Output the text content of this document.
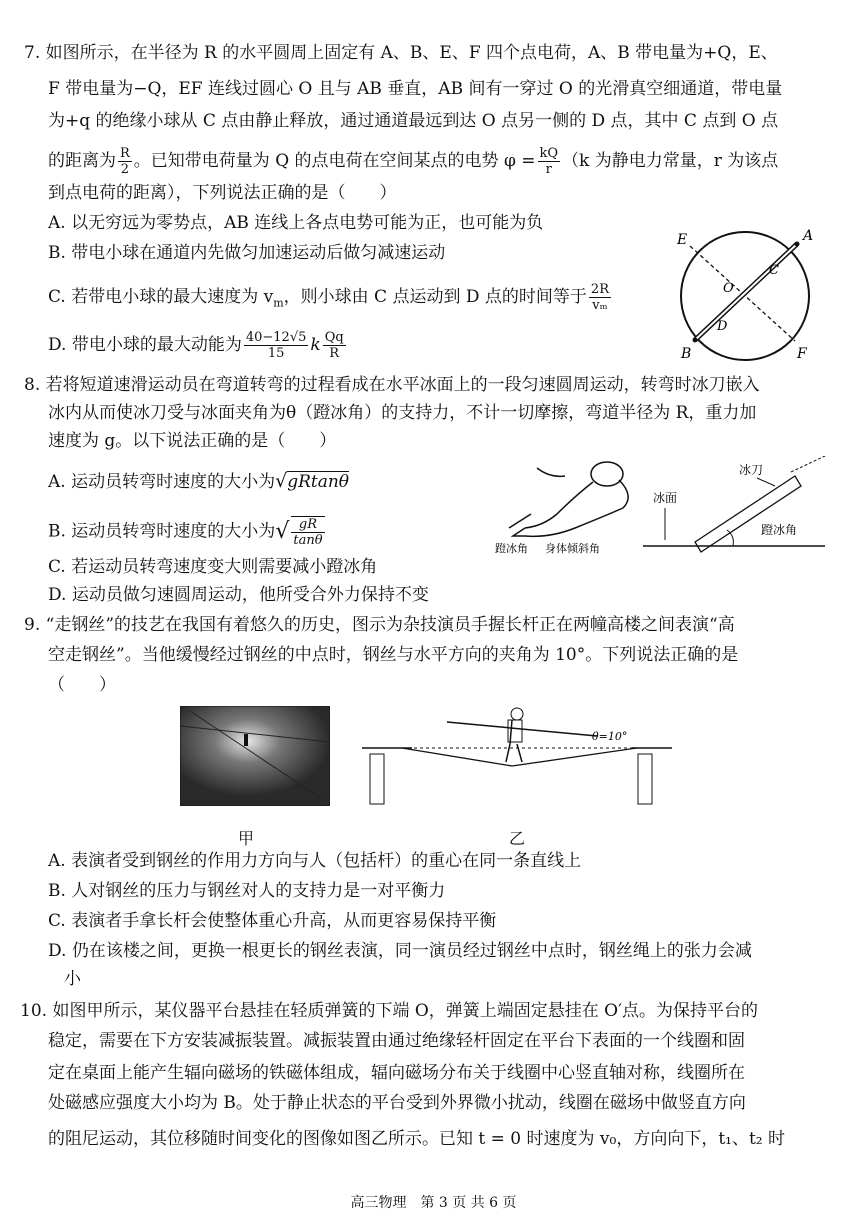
7. 如图所示，在半径为 R 的水平圆周上固定有 A、B、E、F 四个点电荷，A、B 带电量为+Q，E、
F 带电量为−Q，EF 连线过圆心 O 且与 AB 垂直，AB 间有一穿过 O 的光滑真空细通道，带电量
为+q 的绝缘小球从 C 点由静止释放，通过通道最远到达 O 点另一侧的 D 点，其中 C 点到 O 点
的距离为 $\frac{R}{2}$ 。已知带电荷量为 Q 的点电荷在空间某点的电势 $\varphi = \frac{kQ}{r} (k$ 为静电力常量，r 为该点
到点电荷的距离），下列说法正确的是（　　）
A. 以无穷远为零势点，AB 连线上各点电势可能为正，也可能为负
B. 带电小球在通道内先做匀加速运动后做匀减速运动
C. 若带电小球的最大速度为 $v_m$，则小球由 C 点运动到 D 点的时间等于 $\frac{2R}{\text{vₘ}}$
D. 带电小球的最大动能为 $\frac{40-12√5}{15}$ k $\frac{Qq}{R}$
A
B
E
F
C
D
O
8. 若将短道速滑运动员在弯道转弯的过程看成在水平冰面上的一段匀速圆周运动，转弯时冰刀嵌入
冰内从而使冰刀受与冰面夹角为θ（蹬冰角）的支持力，不计一切摩擦，弯道半径为 R，重力加
速度为 g。以下说法正确的是（　　）
A. 运动员转弯时速度的大小为√gRtanθ
B. 运动员转弯时速度的大小为√ $\frac{gR}{\tan\theta}$
C. 若运动员转弯速度变大则需要减小蹬冰角
D. 运动员做匀速圆周运动，他所受合外力保持不变
蹬冰角 身体倾斜角
冰面
冰刀
蹬冰角
9. “走钢丝”的技艺在我国有着悠久的历史，图示为杂技演员手握长杆正在两幢高楼之间表演“高
空走钢丝”。当他缓慢经过钢丝的中点时，钢丝与水平方向的夹角为 10°。下列说法正确的是
（　　）
甲
θ=10°
乙
A. 表演者受到钢丝的作用力方向与人（包括杆）的重心在同一条直线上
B. 人对钢丝的压力与钢丝对人的支持力是一对平衡力
C. 表演者手拿长杆会使整体重心升高，从而更容易保持平衡
D. 仍在该楼之间，更换一根更长的钢丝表演，同一演员经过钢丝中点时，钢丝绳上的张力会减
小
10. 如图甲所示，某仪器平台悬挂在轻质弹簧的下端 O，弹簧上端固定悬挂在 O′点。为保持平台的
稳定，需要在下方安装减振装置。减振装置由通过绝缘轻杆固定在平台下表面的一个线圈和固
定在桌面上能产生辐向磁场的铁磁体组成，辐向磁场分布关于线圈中心竖直轴对称，线圈所在
处磁感应强度大小均为 B。处于静止状态的平台受到外界微小扰动，线圈在磁场中做竖直方向
的阻尼运动，其位移随时间变化的图像如图乙所示。已知 t = 0 时速度为 v₀，方向向下，t₁、t₂ 时
高三物理　第 3 页 共 6 页
